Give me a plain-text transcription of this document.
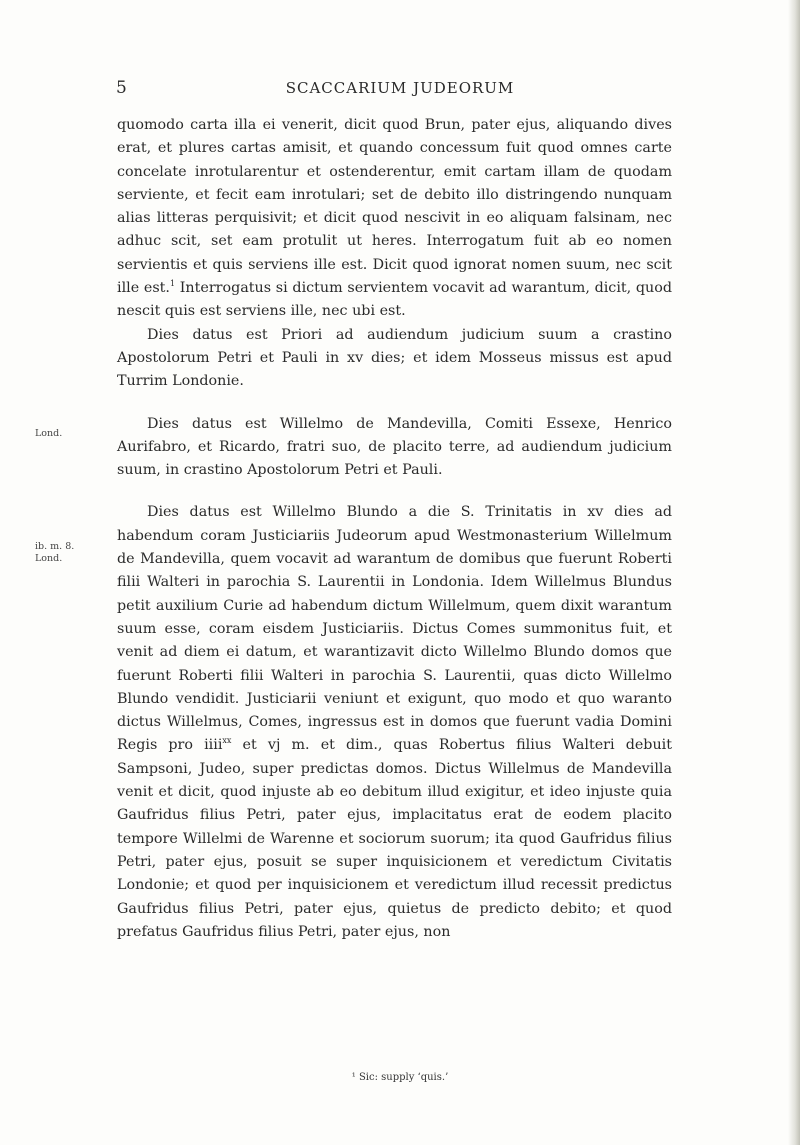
5	SCACCARIUM JUDEORUM
Lond.
ib. m. 8.
Lond.

quomodo carta illa ei venerit, dicit quod Brun, pater ejus, aliquando dives erat, et plures cartas amisit, et quando concessum fuit quod omnes carte concelate inrotularentur et ostenderentur, emit cartam illam de quodam serviente, et fecit eam inrotulari; set de debito illo distringendo nunquam alias litteras perquisivit; et dicit quod nescivit in eo aliquam falsinam, nec adhuc scit, set eam protulit ut heres. Interrogatum fuit ab eo nomen servientis et quis serviens ille est. Dicit quod ignorat nomen suum, nec scit ille est.$^1$ Interrogatus si dictum servientem vocavit ad warantum, dicit, quod nescit quis est serviens ille, nec ubi est.

Dies datus est Priori ad audiendum judicium suum a crastino Apostolorum Petri et Pauli in xv dies; et idem Mosseus missus est apud Turrim Londonie.

Dies datus est Willelmo de Mandevilla, Comiti Essexe, Henrico Aurifabro, et Ricardo, fratri suo, de placito terre, ad audiendum judicium suum, in crastino Apostolorum Petri et Pauli.

Dies datus est Willelmo Blundo a die S. Trinitatis in xv dies ad habendum coram Justiciariis Judeorum apud Westmonasterium Willelmum de Mandevilla, quem vocavit ad warantum de domibus que fuerunt Roberti filii Walteri in parochia S. Laurentii in Londonia. Idem Willelmus Blundus petit auxilium Curie ad habendum dictum Willelmum, quem dixit warantum suum esse, coram eisdem Justiciariis. Dictus Comes summonitus fuit, et venit ad diem ei datum, et warantizavit dicto Willelmo Blundo domos que fuerunt Roberti filii Walteri in parochia S. Laurentii, quas dicto Willelmo Blundo vendidit. Justiciarii veniunt et exigunt, quo modo et quo waranto dictus Willelmus, Comes, ingressus est in domos que fuerunt vadia Domini Regis pro iiii$^{xx}$ et vj m. et dim., quas Robertus filius Walteri debuit Sampsoni, Judeo, super predictas domos. Dictus Willelmus de Mandevilla venit et dicit, quod injuste ab eo debitum illud exigitur, et ideo injuste quia Gaufridus filius Petri, pater ejus, implacitatus erat de eodem placito tempore Willelmi de Warenne et sociorum suorum; ita quod Gaufridus filius Petri, pater ejus, posuit se super inquisicionem et veredictum Civitatis Londonie; et quod per inquisicionem et veredictum illud recessit predictus Gaufridus filius Petri, pater ejus, quietus de predicto debito; et quod prefatus Gaufridus filius Petri, pater ejus, non

¹ Sic: supply ‘quis.’
